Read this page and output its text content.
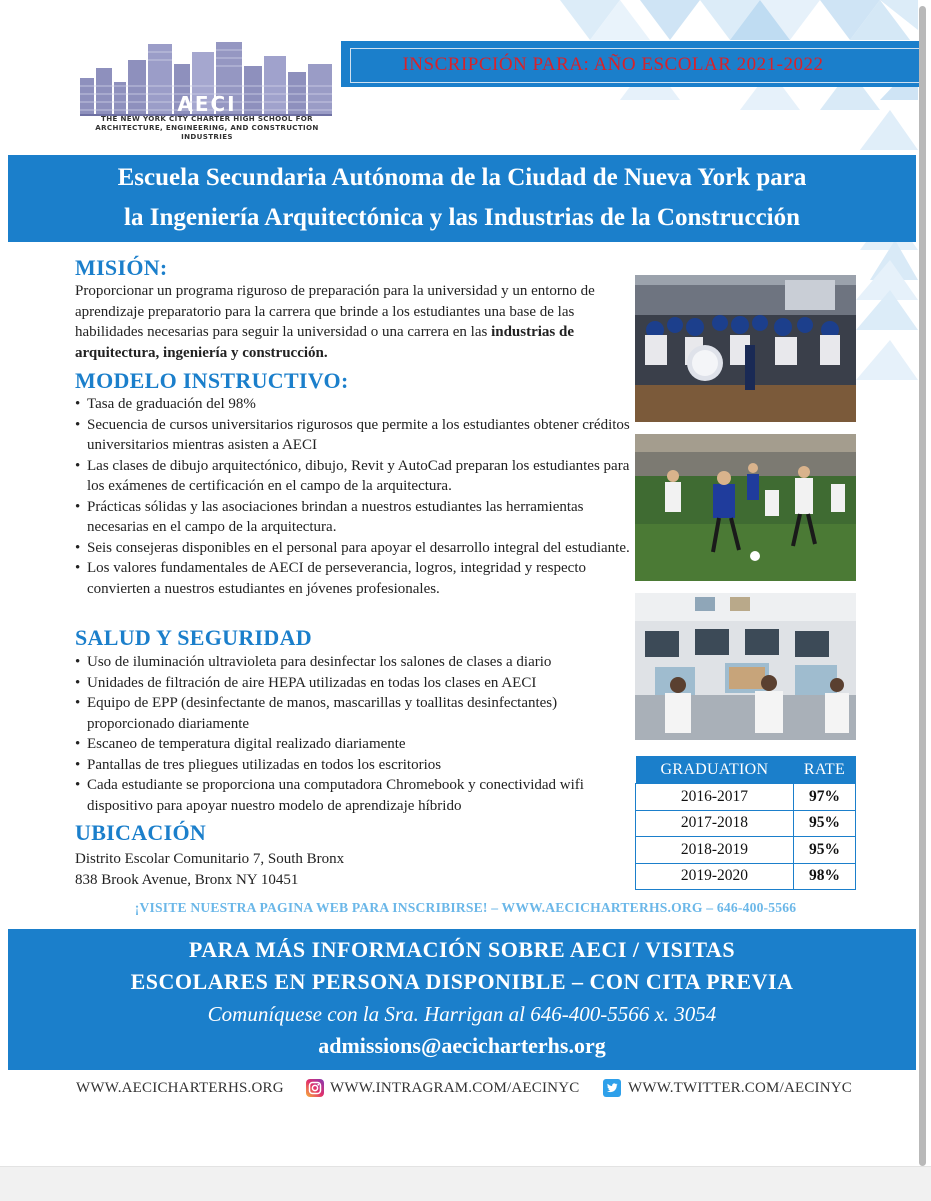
AECI
THE NEW YORK CITY CHARTER HIGH SCHOOL FOR ARCHITECTURE, ENGINEERING, AND CONSTRUCTION INDUSTRIES
INSCRIPCIÓN PARA: AÑO ESCOLAR 2021-2022
Escuela Secundaria Autónoma de la Ciudad de Nueva York para
la Ingeniería Arquitectónica y las Industrias de la Construcción
MISIÓN:
Proporcionar un programa riguroso de preparación para la universidad y un entorno de aprendizaje preparatorio para la carrera que brinde a los estudiantes una base de las habilidades necesarias para seguir la universidad o una carrera en las industrias de arquitectura, ingeniería y construcción.
MODELO INSTRUCTIVO:
• Tasa de graduación del 98%
• Secuencia de cursos universitarios rigurosos que permite a los estudiantes obtener créditos universitarios mientras asisten a AECI
• Las clases de dibujo arquitectónico, dibujo, Revit y AutoCad preparan los estudiantes para los exámenes de certificación en el campo de la arquitectura.
• Prácticas sólidas y las asociaciones brindan a nuestros estudiantes las herramientas necesarias en el campo de la arquitectura.
• Seis consejeras disponibles en el personal para apoyar el desarrollo integral del estudiante.
• Los valores fundamentales de AECI de perseverancia, logros, integridad y respecto convierten a nuestros estudiantes en jóvenes profesionales.
SALUD Y SEGURIDAD
• Uso de iluminación ultravioleta para desinfectar los salones de clases a diario
• Unidades de filtración de aire HEPA utilizadas en todas los clases en AECI
• Equipo de EPP (desinfectante de manos, mascarillas y toallitas desinfectantes) proporcionado diariamente
• Escaneo de temperatura digital realizado diariamente
• Pantallas de tres pliegues utilizadas en todos los escritorios
• Cada estudiante se proporciona una computadora Chromebook y conectividad wifi dispositivo para apoyar nuestro modelo de aprendizaje híbrido
UBICACIÓN
Distrito Escolar Comunitario 7, South Bronx
838 Brook Avenue, Bronx NY 10451
GRADUATION	RATE
2016-2017	97%
2017-2018	95%
2018-2019	95%
2019-2020	98%
¡VISITE NUESTRA PAGINA WEB PARA INSCRIBIRSE! – WWW.AECICHARTERHS.ORG – 646-400-5566
PARA MÁS INFORMACIÓN SOBRE AECI / VISITAS
ESCOLARES EN PERSONA DISPONIBLE – CON CITA PREVIA
Comuníquese con la Sra. Harrigan al 646-400-5566 x. 3054
admissions@aecicharterhs.org
WWW.AECICHARTERHS.ORG	WWW.INTRAGRAM.COM/AECINYC	WWW.TWITTER.COM/AECINYC
